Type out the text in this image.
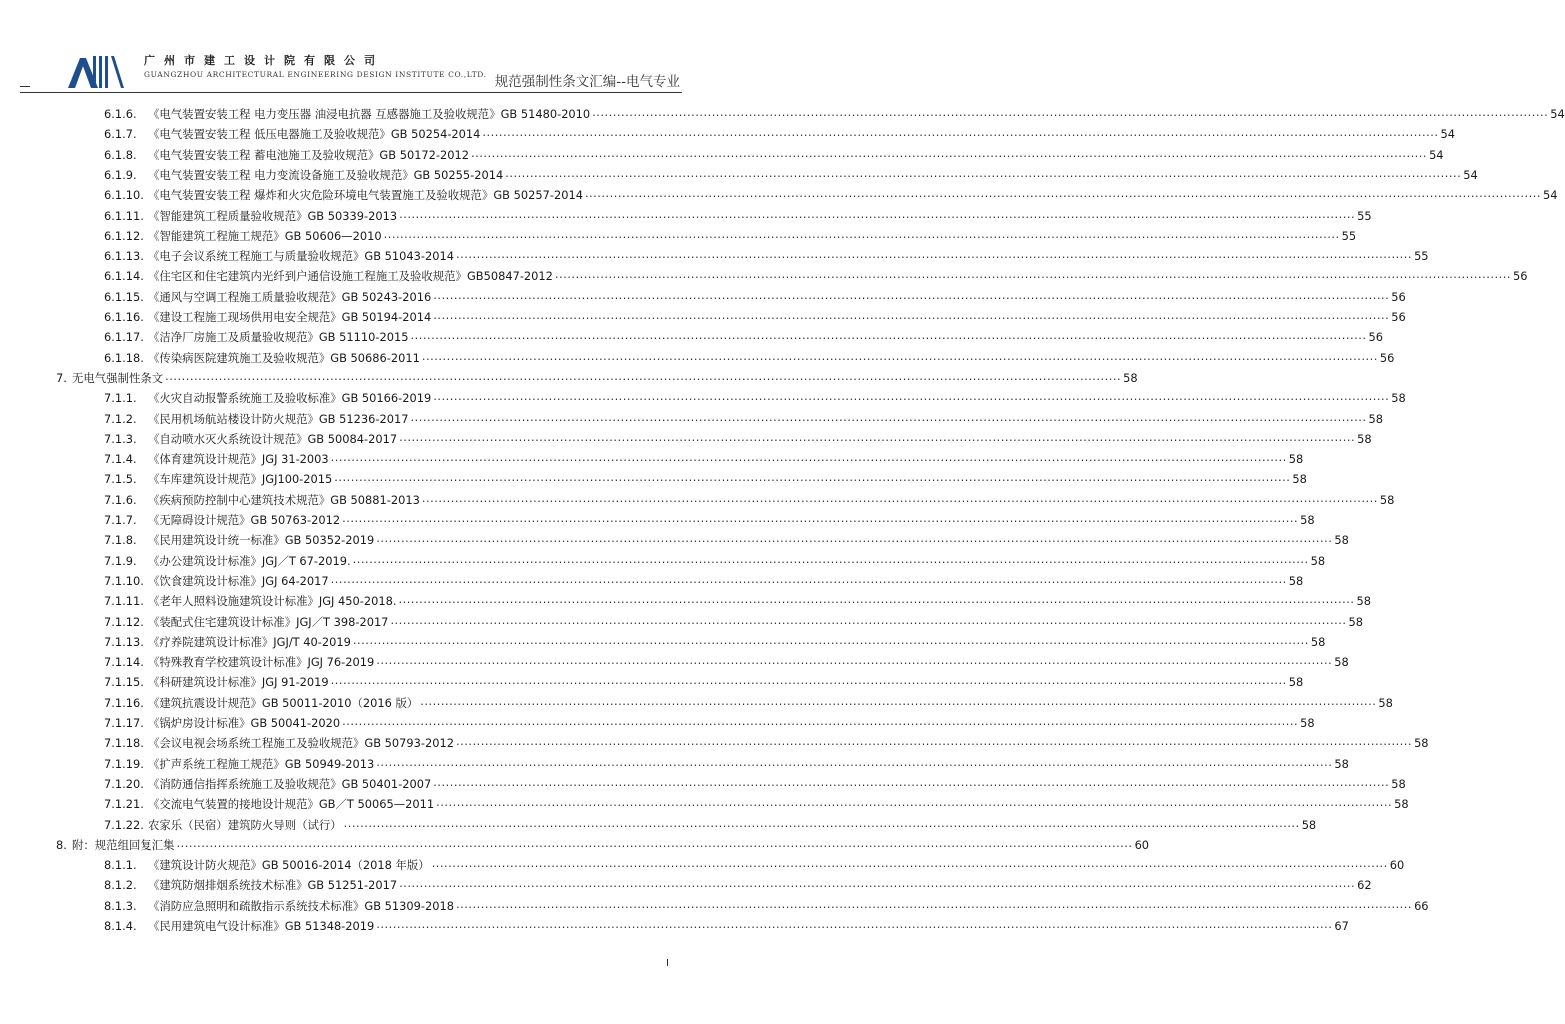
广州市建工设计院有限公司
GUANGZHOU ARCHITECTURAL ENGINEERING DESIGN INSTITUTE CO.,LTD. 规范强制性条文汇编--电气专业
6.1.6. 《电气装置安装工程 电力变压器 油浸电抗器 互感器施工及验收规范》GB 51480-2010 .....	54
6.1.7. 《电气装置安装工程 低压电器施工及验收规范》GB 50254-2014 .....	54
6.1.8. 《电气装置安装工程 蓄电池施工及验收规范》GB 50172-2012 .....	54
6.1.9. 《电气装置安装工程 电力变流设备施工及验收规范》GB 50255-2014 .....	54
6.1.10. 《电气装置安装工程 爆炸和火灾危险环境电气装置施工及验收规范》GB 50257-2014 .....	54
6.1.11. 《智能建筑工程质量验收规范》GB 50339-2013 .....	55
6.1.12. 《智能建筑工程施工规范》GB 50606—2010 .....	55
6.1.13. 《电子会议系统工程施工与质量验收规范》GB 51043-2014 .....	55
6.1.14. 《住宅区和住宅建筑内光纤到户通信设施工程施工及验收规范》GB50847-2012 .....	56
6.1.15. 《通风与空调工程施工质量验收规范》GB 50243-2016 .....	56
6.1.16. 《建设工程施工现场供用电安全规范》GB 50194-2014 .....	56
6.1.17. 《洁净厂房施工及质量验收规范》GB 51110-2015 .....	56
6.1.18. 《传染病医院建筑施工及验收规范》GB 50686-2011 .....	56
7. 无电气强制性条文 .....	58
7.1.1. 《火灾自动报警系统施工及验收标准》GB 50166-2019 .....	58
7.1.2. 《民用机场航站楼设计防火规范》GB 51236-2017 .....	58
7.1.3. 《自动喷水灭火系统设计规范》GB 50084-2017 .....	58
7.1.4. 《体育建筑设计规范》JGJ 31-2003 .....	58
7.1.5. 《车库建筑设计规范》JGJ100-2015 .....	58
7.1.6. 《疾病预防控制中心建筑技术规范》GB 50881-2013 .....	58
7.1.7. 《无障碍设计规范》GB 50763-2012 .....	58
7.1.8. 《民用建筑设计统一标准》GB 50352-2019 .....	58
7.1.9. 《办公建筑设计标准》JGJ／T 67-2019. .....	58
7.1.10. 《饮食建筑设计标准》JGJ 64-2017 .....	58
7.1.11. 《老年人照料设施建筑设计标准》JGJ 450-2018. .....	58
7.1.12. 《装配式住宅建筑设计标准》JGJ／T 398-2017 .....	58
7.1.13. 《疗养院建筑设计标准》JGJ/T 40-2019 .....	58
7.1.14. 《特殊教育学校建筑设计标准》JGJ 76-2019 .....	58
7.1.15. 《科研建筑设计标准》JGJ 91-2019 .....	58
7.1.16. 《建筑抗震设计规范》GB 50011-2010（2016 版） .....	58
7.1.17. 《锅炉房设计标准》GB 50041-2020 .....	58
7.1.18. 《会议电视会场系统工程施工及验收规范》GB 50793-2012 .....	58
7.1.19. 《扩声系统工程施工规范》GB 50949-2013 .....	58
7.1.20. 《消防通信指挥系统施工及验收规范》GB 50401-2007 .....	58
7.1.21. 《交流电气装置的接地设计规范》GB／T 50065—2011 .....	58
7.1.22. 农家乐（民宿）建筑防火导则（试行） .....	58
8. 附：规范组回复汇集 .....	60
8.1.1. 《建筑设计防火规范》GB 50016-2014（2018 年版） .....	60
8.1.2. 《建筑防烟排烟系统技术标准》GB 51251-2017 .....	62
8.1.3. 《消防应急照明和疏散指示系统技术标准》GB 51309-2018 .....	66
8.1.4. 《民用建筑电气设计标准》GB 51348-2019 .....	67
I
